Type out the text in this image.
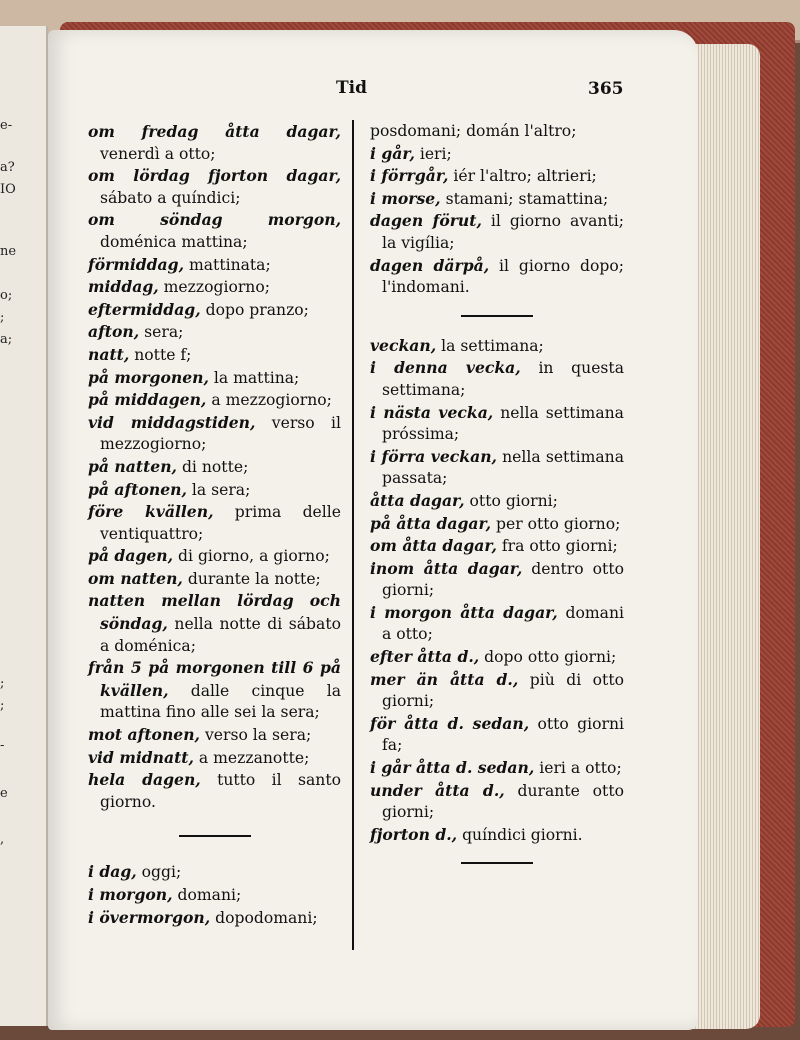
e-
a?
IO
ne
o;
;
a;
;
;
-
e
,
Tid	365
om fredag åtta dagar, venerdì a otto;
om lördag fjorton dagar, sábato a quíndici;
om söndag morgon, doménica mattina;
förmiddag, mattinata;
middag, mezzogiorno;
eftermiddag, dopo pranzo;
afton, sera;
natt, notte f;
på morgonen, la mattina;
på middagen, a mezzogiorno;
vid middagstiden, verso il mezzogiorno;
på natten, di notte;
på aftonen, la sera;
före kvällen, prima delle ventiquattro;
på dagen, di giorno, a giorno;
om natten, durante la notte;
natten mellan lördag och söndag, nella notte di sábato a doménica;
från 5 på morgonen till 6 på kvällen, dalle cinque la mattina fino alle sei la sera;
mot aftonen, verso la sera;
vid midnatt, a mezzanotte;
hela dagen, tutto il santo giorno.
i dag, oggi;
i morgon, domani;
i övermorgon, dopodomani;
posdomani; domán l'altro;
i går, ieri;
i förrgår, iér l'altro; altrieri;
i morse, stamani; stamattina;
dagen förut, il giorno avanti; la vigília;
dagen därpå, il giorno dopo; l'indomani.
veckan, la settimana;
i denna vecka, in questa settimana;
i nästa vecka, nella settimana próssima;
i förra veckan, nella settimana passata;
åtta dagar, otto giorni;
på åtta dagar, per otto giorno;
om åtta dagar, fra otto giorni;
inom åtta dagar, dentro otto giorni;
i morgon åtta dagar, domani a otto;
efter åtta d., dopo otto giorni;
mer än åtta d., più di otto giorni;
för åtta d. sedan, otto giorni fa;
i går åtta d. sedan, ieri a otto;
under åtta d., durante otto giorni;
fjorton d., quíndici giorni.
